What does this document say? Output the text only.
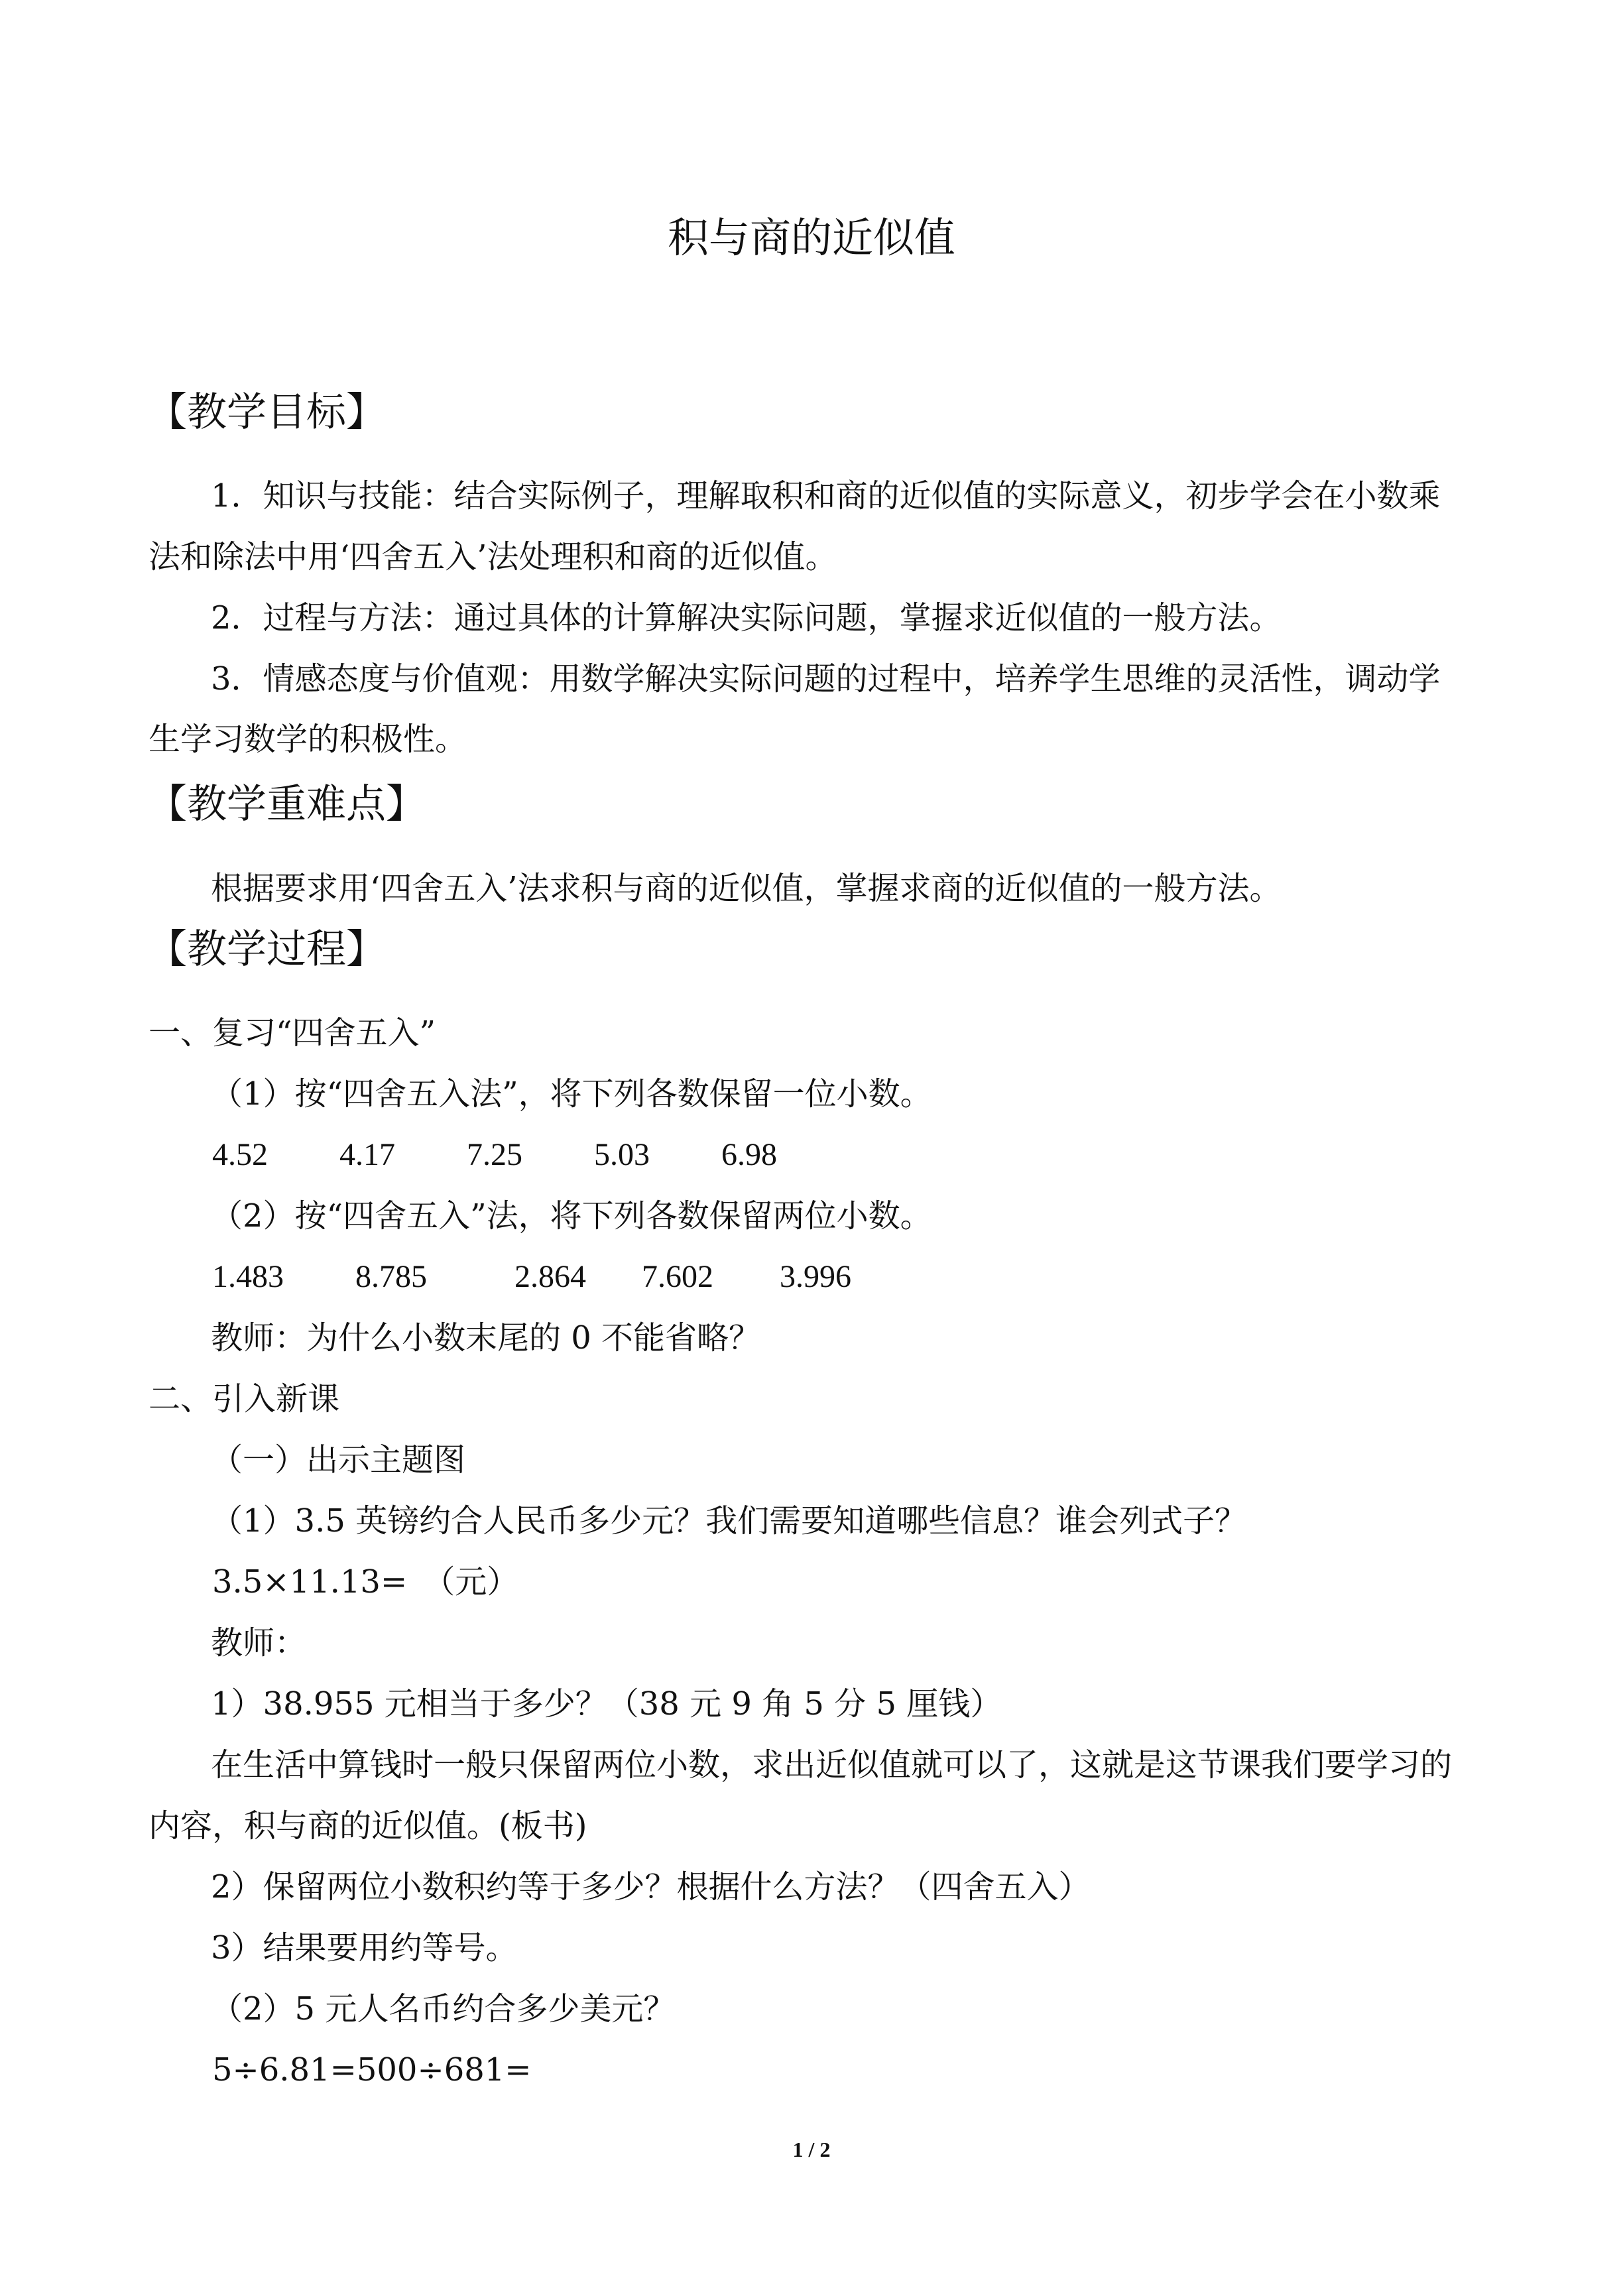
积与商的近似值
【教学目标】
1．知识与技能：结合实际例子，理解取积和商的近似值的实际意义，初步学会在小数乘
法和除法中用‘四舍五入’法处理积和商的近似值。
2．过程与方法：通过具体的计算解决实际问题，掌握求近似值的一般方法。
3．情感态度与价值观：用数学解决实际问题的过程中，培养学生思维的灵活性，调动学
生学习数学的积极性。
【教学重难点】
根据要求用‘四舍五入’法求积与商的近似值，掌握求商的近似值的一般方法。
【教学过程】
一、复习“四舍五入”
（1）按“四舍五入法”，将下列各数保留一位小数。
4.52 4.17 7.25 5.03 6.98
（2）按“四舍五入”法，将下列各数保留两位小数。
1.483 8.785	2.864 7.602 3.996
教师：为什么小数末尾的 0 不能省略？
二、引入新课
（一）出示主题图
（1）3.5 英镑约合人民币多少元？我们需要知道哪些信息？谁会列式子？
3.5×11.13=　（元）
教师：
1）38.955 元相当于多少？（38 元 9 角 5 分 5 厘钱）
在生活中算钱时一般只保留两位小数，求出近似值就可以了，这就是这节课我们要学习的
内容，积与商的近似值。(板书)
2）保留两位小数积约等于多少？根据什么方法？（四舍五入）
3）结果要用约等号。
（2）5 元人名币约合多少美元？
5÷6.81=500÷681=
1 / 2
